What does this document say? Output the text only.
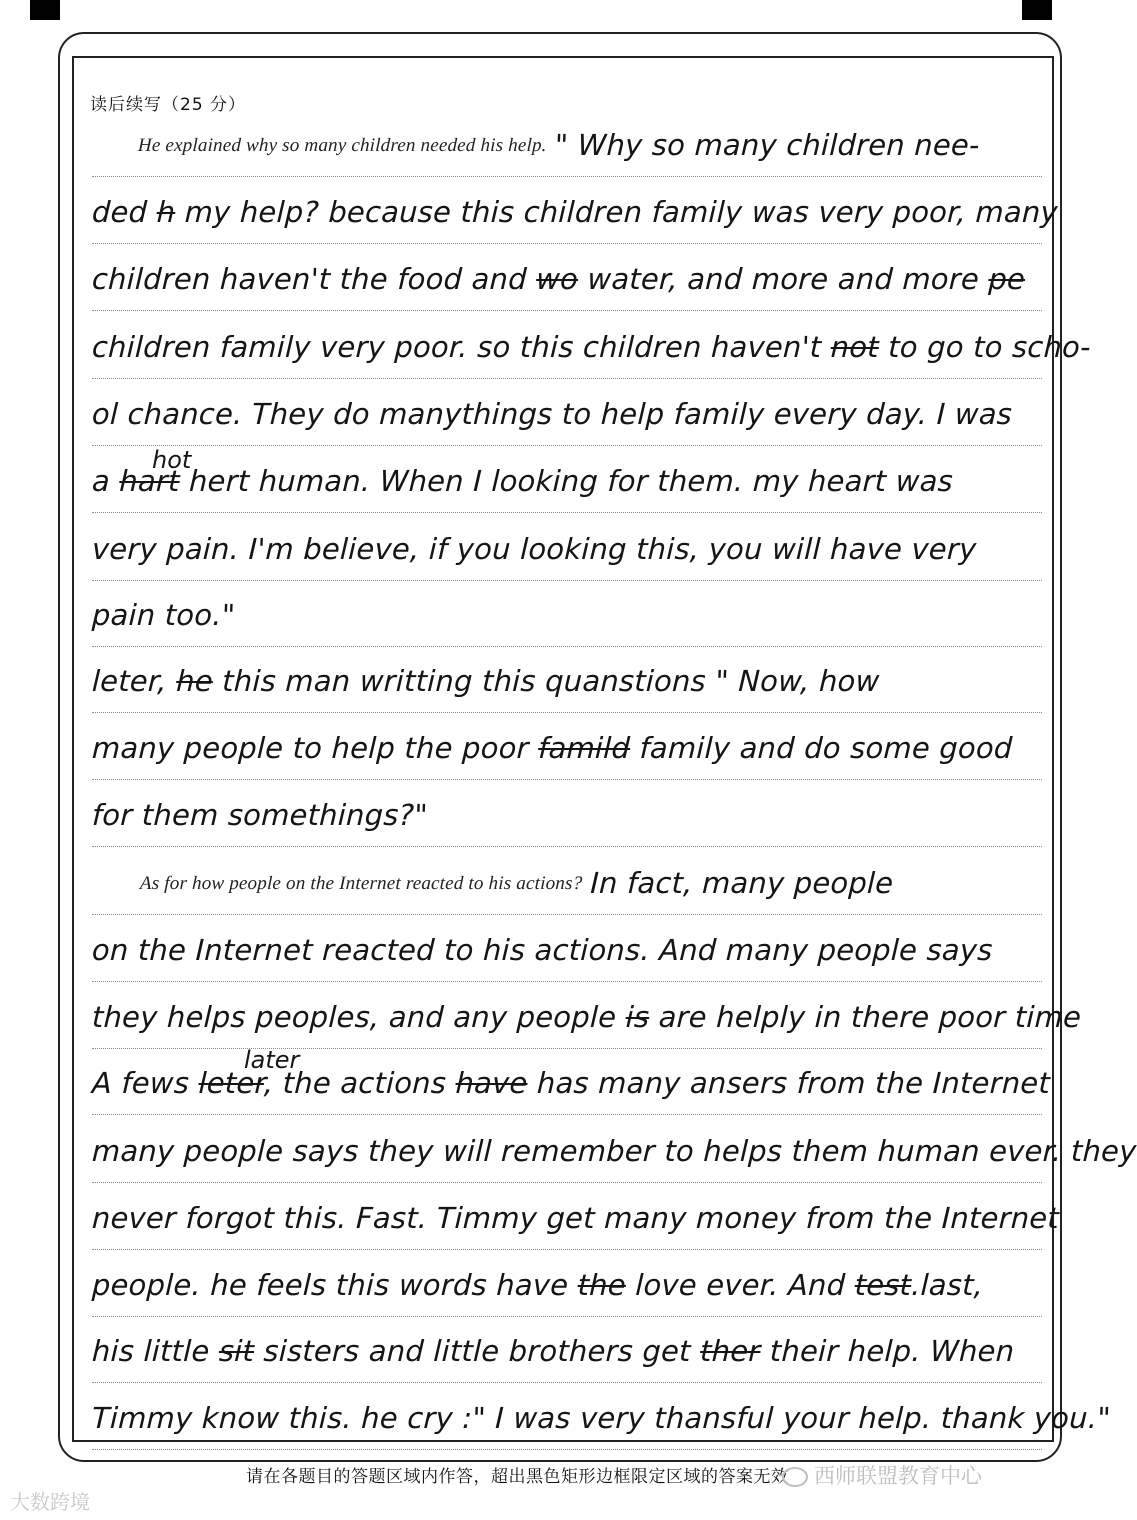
读后续写（25 分）
He explained why so many children needed his help. " Why so many children nee-
ded h my help? because this children family was very poor, many
children haven't the food and wo water, and more and more pe
children family very poor. so this children haven't not to go to scho-
ol chance. They do manythings to help family every day. I was
a hart hert human. When I looking for them. my heart was
very pain. I'm believe, if you looking this, you will have very
pain too."
leter, he this man writting this quanstions " Now, how
many people to help the poor famild family and do some good
for them somethings?"
As for how people on the Internet reacted to his actions? In fact, many people
on the Internet reacted to his actions. And many people says
they helps peoples, and any people is are helply in there poor time
A fews leter, the actions have has many ansers from the Internet
many people says they will remember to helps them human ever. they
never forgot this. Fast. Timmy get many money from the Internet
people. he feels this words have the love ever. And test.last,
his little sit sisters and little brothers get ther their help. When
Timmy know this. he cry :" I was very thansful your help. thank you."
hot
later
请在各题目的答题区域内作答，超出黑色矩形边框限定区域的答案无效
大数跨境
西师联盟教育中心
